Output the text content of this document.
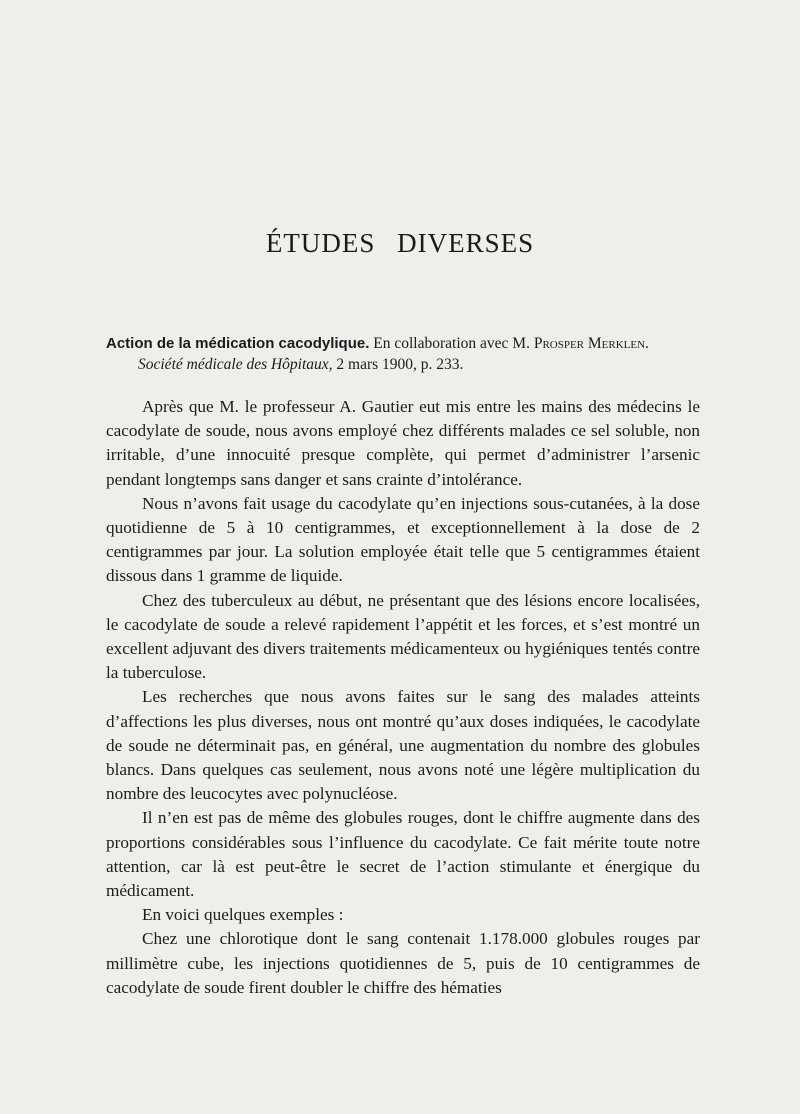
ÉTUDES DIVERSES
Action de la médication cacodylique. En collaboration avec M. Prosper Merklen.
Société médicale des Hôpitaux, 2 mars 1900, p. 233.

Après que M. le professeur A. Gautier eut mis entre les mains des médecins le cacodylate de soude, nous avons employé chez différents malades ce sel soluble, non irritable, d’une innocuité presque complète, qui permet d’administrer l’arsenic pendant longtemps sans danger et sans crainte d’intolérance.

Nous n’avons fait usage du cacodylate qu’en injections sous-cutanées, à la dose quotidienne de 5 à 10 centigrammes, et exceptionnellement à la dose de 2 centigrammes par jour. La solution employée était telle que 5 centigrammes étaient dissous dans 1 gramme de liquide.

Chez des tuberculeux au début, ne présentant que des lésions encore localisées, le cacodylate de soude a relevé rapidement l’appétit et les forces, et s’est montré un excellent adjuvant des divers traitements médicamenteux ou hygiéniques tentés contre la tuberculose.

Les recherches que nous avons faites sur le sang des malades atteints d’affections les plus diverses, nous ont montré qu’aux doses indiquées, le cacodylate de soude ne déterminait pas, en général, une augmentation du nombre des globules blancs. Dans quelques cas seulement, nous avons noté une légère multiplication du nombre des leucocytes avec polynucléose.

Il n’en est pas de même des globules rouges, dont le chiffre augmente dans des proportions considérables sous l’influence du cacodylate. Ce fait mérite toute notre attention, car là est peut-être le secret de l’action stimulante et énergique du médicament.

En voici quelques exemples :

Chez une chlorotique dont le sang contenait 1.178.000 globules rouges par millimètre cube, les injections quotidiennes de 5, puis de 10 centigrammes de cacodylate de soude firent doubler le chiffre des hématies
